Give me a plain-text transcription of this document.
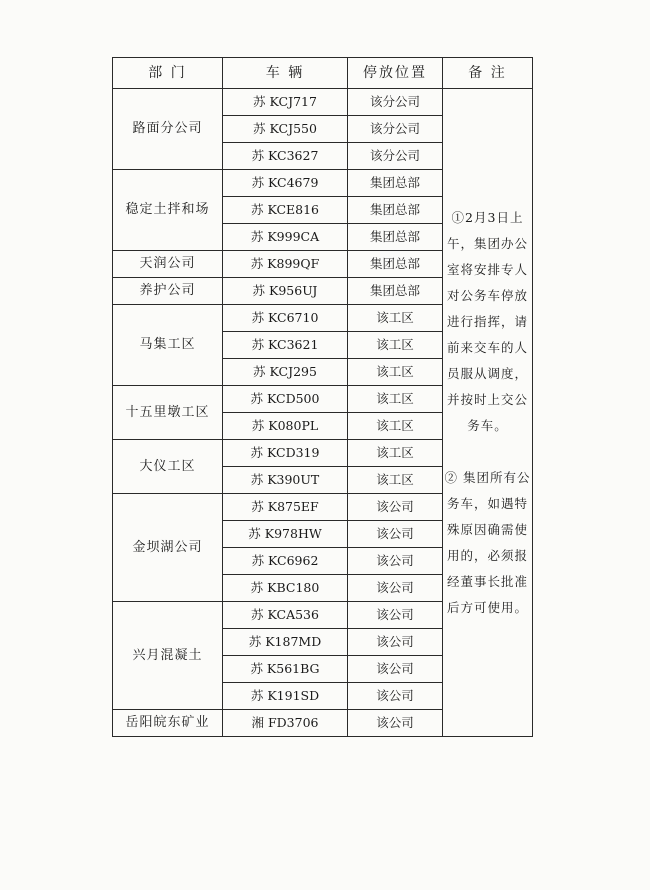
部 门	车 辆	停放位置	备 注
路面分公司	苏 KCJ717	该分公司	①2月3日上午，集团办公室将安排专人对公务车停放进行指挥，请前来交车的人员服从调度，并按时上交公务车。
② 集团所有公务车，如遇特殊原因确需使用的，必须报经董事长批准后方可使用。

	苏 KCJ550	该分公司	
	苏 KC3627	该分公司	
稳定土拌和场	苏 KC4679	集团总部	
	苏 KCE816	集团总部	
	苏 K999CA	集团总部	
天润公司	苏 K899QF	集团总部	
养护公司	苏 K956UJ	集团总部	
马集工区	苏 KC6710	该工区	
	苏 KC3621	该工区	
	苏 KCJ295	该工区	
十五里墩工区	苏 KCD500	该工区	
	苏 K080PL	该工区	
大仪工区	苏 KCD319	该工区	
	苏 K390UT	该工区	
金坝湖公司	苏 K875EF	该公司	
	苏 K978HW	该公司	
	苏 KC6962	该公司	
	苏 KBC180	该公司	
兴月混凝土	苏 KCA536	该公司	
	苏 K187MD	该公司	
	苏 K561BG	该公司	
	苏 K191SD	该公司	
岳阳皖东矿业	湘 FD3706	该公司	
